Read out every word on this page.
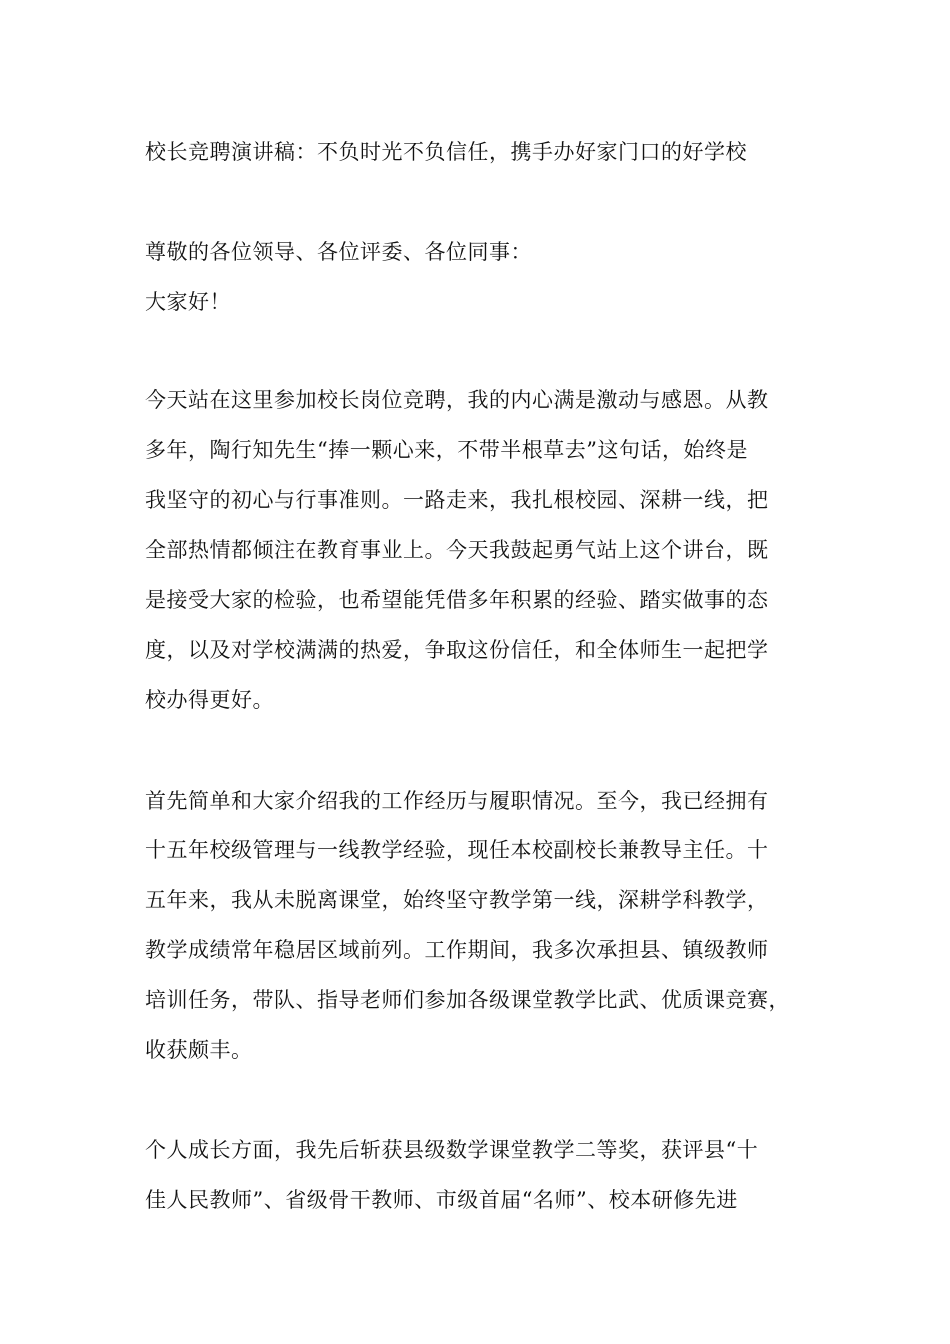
校长竞聘演讲稿：不负时光不负信任，携手办好家门口的好学校
尊敬的各位领导、各位评委、各位同事：
大家好！
今天站在这里参加校长岗位竞聘，我的内心满是激动与感恩。从教
多年，陶行知先生“捧一颗心来，不带半根草去”这句话，始终是
我坚守的初心与行事准则。一路走来，我扎根校园、深耕一线，把
全部热情都倾注在教育事业上。今天我鼓起勇气站上这个讲台，既
是接受大家的检验，也希望能凭借多年积累的经验、踏实做事的态
度，以及对学校满满的热爱，争取这份信任，和全体师生一起把学
校办得更好。
首先简单和大家介绍我的工作经历与履职情况。至今，我已经拥有
十五年校级管理与一线教学经验，现任本校副校长兼教导主任。十
五年来，我从未脱离课堂，始终坚守教学第一线，深耕学科教学，
教学成绩常年稳居区域前列。工作期间，我多次承担县、镇级教师
培训任务，带队、指导老师们参加各级课堂教学比武、优质课竞赛，
收获颇丰。
个人成长方面，我先后斩获县级数学课堂教学二等奖，获评县“十
佳人民教师”、省级骨干教师、市级首届“名师”、校本研修先进
